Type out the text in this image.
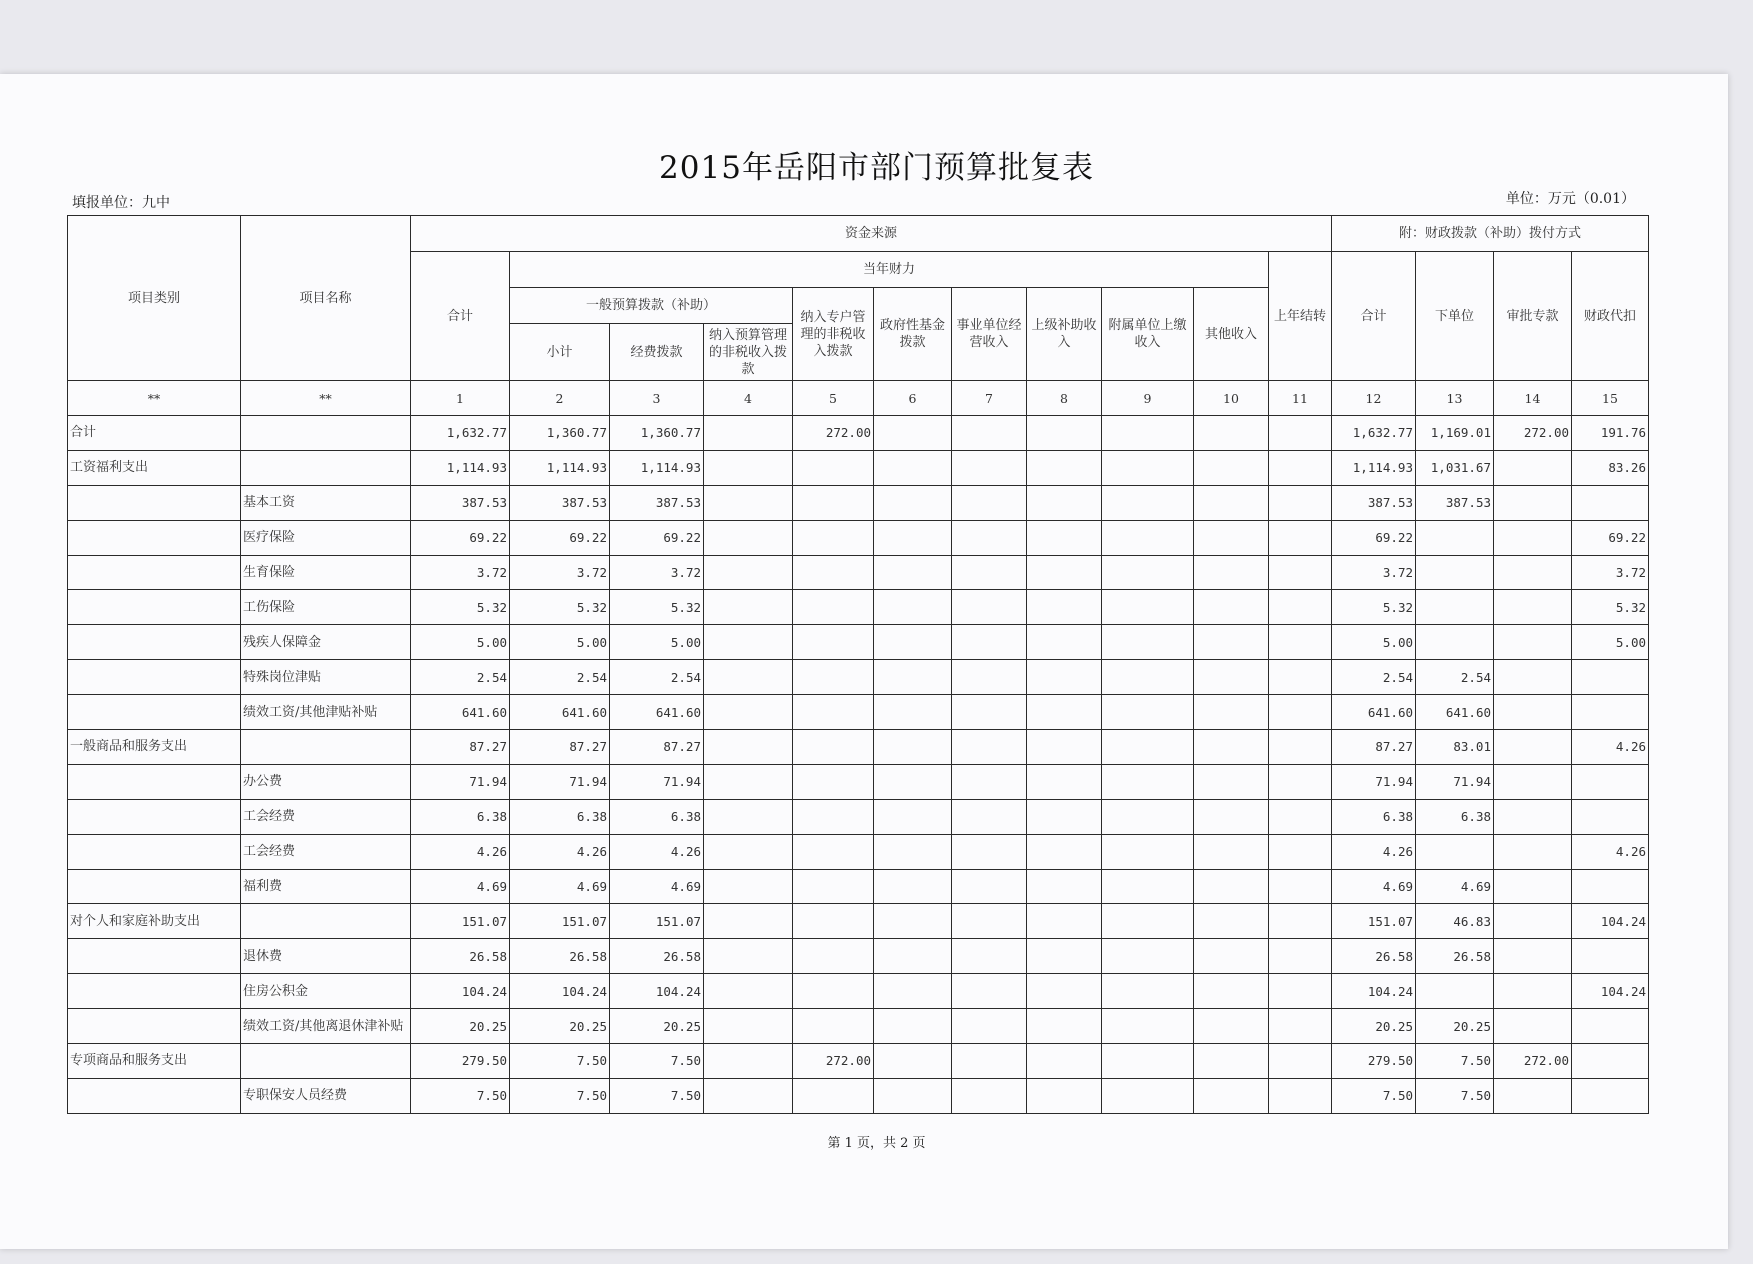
2015年岳阳市部门预算批复表
填报单位：九中	单位：万元（0.01）
项目类别	项目名称	资金来源											附：财政拨款（补助）拨付方式			
		合计	当年财力									上年结转	合计	下单位	审批专款	财政代扣
			一般预算拨款（补助）			纳入专户管理的非税收入拨款	政府性基金拨款	事业单位经营收入	上级补助收入	附属单位上缴收入	其他收入					
			小计	经费拨款	纳入预算管理的非税收入拨款											
**	**	1	2	3	4	5	6	7	8	9	10	11	12	13	14	15
合计		1,632.77	1,360.77	1,360.77		272.00							1,632.77	1,169.01	272.00	191.76
工资福利支出		1,114.93	1,114.93	1,114.93									1,114.93	1,031.67		83.26
	基本工资	387.53	387.53	387.53									387.53	387.53		
	医疗保险	69.22	69.22	69.22									69.22			69.22
	生育保险	3.72	3.72	3.72									3.72			3.72
	工伤保险	5.32	5.32	5.32									5.32			5.32
	残疾人保障金	5.00	5.00	5.00									5.00			5.00
	特殊岗位津贴	2.54	2.54	2.54									2.54	2.54		
	绩效工资/其他津贴补贴	641.60	641.60	641.60									641.60	641.60		
一般商品和服务支出		87.27	87.27	87.27									87.27	83.01		4.26
	办公费	71.94	71.94	71.94									71.94	71.94		
	工会经费	6.38	6.38	6.38									6.38	6.38		
	工会经费	4.26	4.26	4.26									4.26			4.26
	福利费	4.69	4.69	4.69									4.69	4.69		
对个人和家庭补助支出		151.07	151.07	151.07									151.07	46.83		104.24
	退休费	26.58	26.58	26.58									26.58	26.58		
	住房公积金	104.24	104.24	104.24									104.24			104.24
	绩效工资/其他离退休津补贴	20.25	20.25	20.25									20.25	20.25		
专项商品和服务支出		279.50	7.50	7.50		272.00							279.50	7.50	272.00	
	专职保安人员经费	7.50	7.50	7.50									7.50	7.50		
第 1 页，共 2 页
